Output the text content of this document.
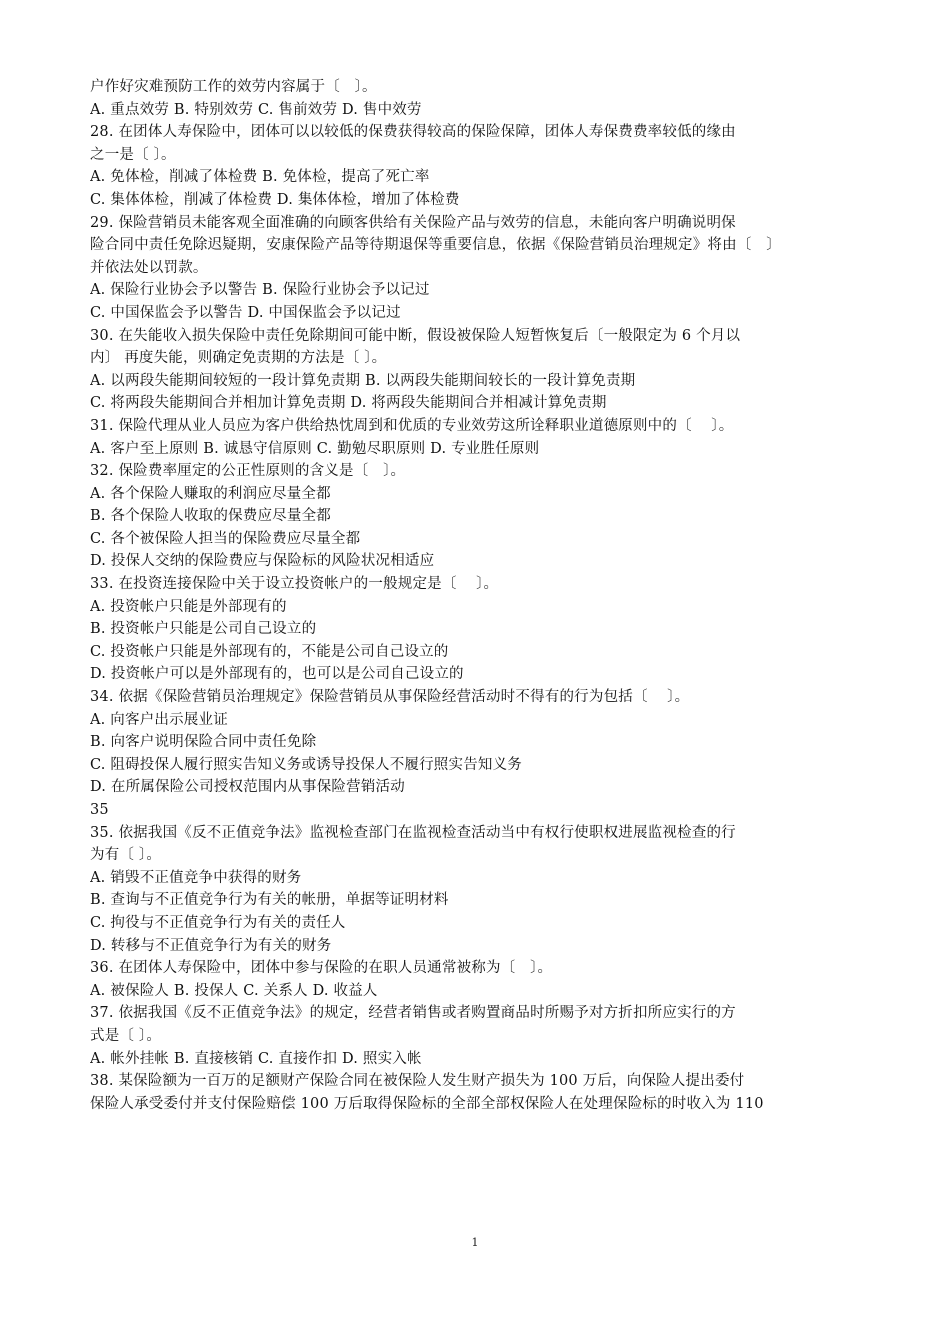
户作好灾难预防工作的效劳内容属于〔　〕。
A. 重点效劳 B. 特别效劳 C. 售前效劳 D. 售中效劳
28. 在团体人寿保险中，团体可以以较低的保费获得较高的保险保障，团体人寿保费费率较低的缘由
之一是〔 〕。
A. 免体检，削减了体检费 B. 免体检，提高了死亡率
C. 集体体检，削减了体检费 D. 集体体检，增加了体检费
29. 保险营销员未能客观全面准确的向顾客供给有关保险产品与效劳的信息，未能向客户明确说明保
险合同中责任免除迟疑期，安康保险产品等待期退保等重要信息，依据《保险营销员治理规定》将由〔　〕
并依法处以罚款。
A. 保险行业协会予以警告 B. 保险行业协会予以记过
C. 中国保监会予以警告 D. 中国保监会予以记过
30. 在失能收入损失保险中责任免除期间可能中断，假设被保险人短暂恢复后〔一般限定为 6 个月以
内〕 再度失能，则确定免责期的方法是〔 〕。
A. 以两段失能期间较短的一段计算免责期 B. 以两段失能期间较长的一段计算免责期
C. 将两段失能期间合并相加计算免责期 D. 将两段失能期间合并相减计算免责期
31. 保险代理从业人员应为客户供给热忱周到和优质的专业效劳这所诠释职业道德原则中的〔　 〕。
A. 客户至上原则 B. 诚恳守信原则 C. 勤勉尽职原则 D. 专业胜任原则
32. 保险费率厘定的公正性原则的含义是〔　〕。
A. 各个保险人赚取的利润应尽量全都
B. 各个保险人收取的保费应尽量全都
C. 各个被保险人担当的保险费应尽量全都
D. 投保人交纳的保险费应与保险标的风险状况相适应
33. 在投资连接保险中关于设立投资帐户的一般规定是〔　 〕。
A. 投资帐户只能是外部现有的
B. 投资帐户只能是公司自己设立的
C. 投资帐户只能是外部现有的，不能是公司自己设立的
D. 投资帐户可以是外部现有的，也可以是公司自己设立的
34. 依据《保险营销员治理规定》保险营销员从事保险经营活动时不得有的行为包括〔　 〕。
A. 向客户出示展业证
B. 向客户说明保险合同中责任免除
C. 阻碍投保人履行照实告知义务或诱导投保人不履行照实告知义务
D. 在所属保险公司授权范围内从事保险营销活动
35
35. 依据我国《反不正值竞争法》监视检查部门在监视检查活动当中有权行使职权进展监视检查的行
为有〔 〕。
A. 销毁不正值竞争中获得的财务
B. 查询与不正值竞争行为有关的帐册，单据等证明材料
C. 拘役与不正值竞争行为有关的责任人
D. 转移与不正值竞争行为有关的财务
36. 在团体人寿保险中，团体中参与保险的在职人员通常被称为〔　〕。
A. 被保险人 B. 投保人 C. 关系人 D. 收益人
37. 依据我国《反不正值竞争法》的规定，经营者销售或者购置商品时所赐予对方折扣所应实行的方
式是〔 〕。
A. 帐外挂帐 B. 直接核销 C. 直接作扣 D. 照实入帐
38. 某保险额为一百万的足额财产保险合同在被保险人发生财产损失为 100 万后，向保险人提出委付
保险人承受委付并支付保险赔偿 100 万后取得保险标的全部全部权保险人在处理保险标的时收入为 110
1
